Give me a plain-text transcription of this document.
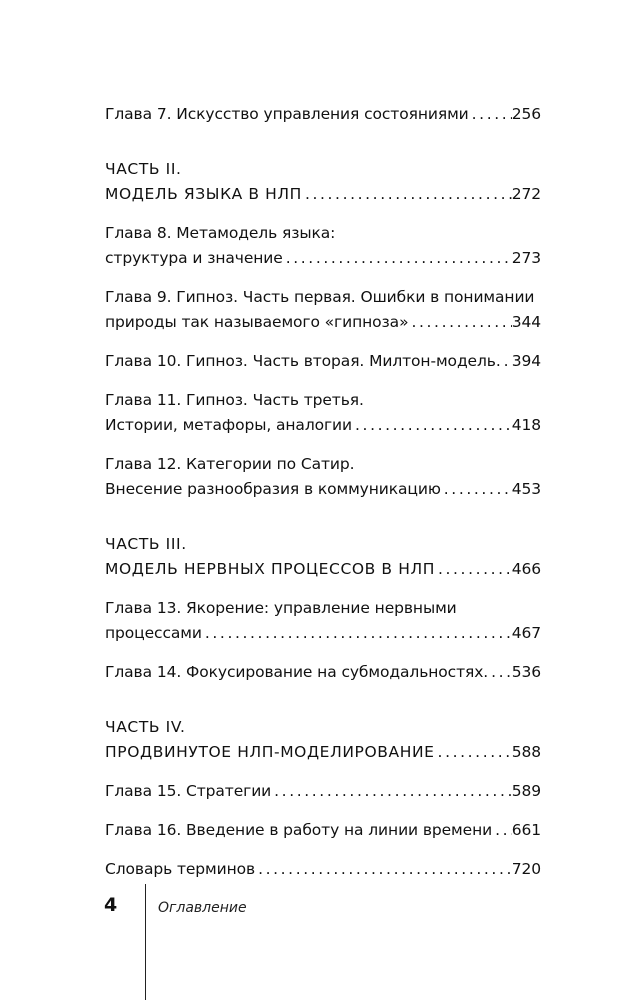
Глава 7. Искусство управления состояниями .....	256
ЧАСТЬ II.
МОДЕЛЬ ЯЗЫКА В НЛП .....	272
Глава 8. Метамодель языка:
структура и значение .....	273
Глава 9. Гипноз. Часть первая. Ошибки в понимании
природы так называемого «гипноза» .....	344
Глава 10. Гипноз. Часть вторая. Милтон-модель. ..... 394
Глава 11. Гипноз. Часть третья.
Истории, метафоры, аналогии .....	418
Глава 12. Категории по Сатир.
Внесение разнообразия в коммуникацию .....	453
ЧАСТЬ III.
МОДЕЛЬ НЕРВНЫХ ПРОЦЕССОВ В НЛП .....	466
Глава 13. Якорение: управление нервными
процессами .....	467
Глава 14. Фокусирование на субмодальностях. ..... 536
ЧАСТЬ IV.
ПРОДВИНУТОЕ НЛП-МОДЕЛИРОВАНИЕ .....	588
Глава 15. Стратегии .....	589
Глава 16. Введение в работу на линии времени ..... 661
Словарь терминов .....	720
4	Оглавление
